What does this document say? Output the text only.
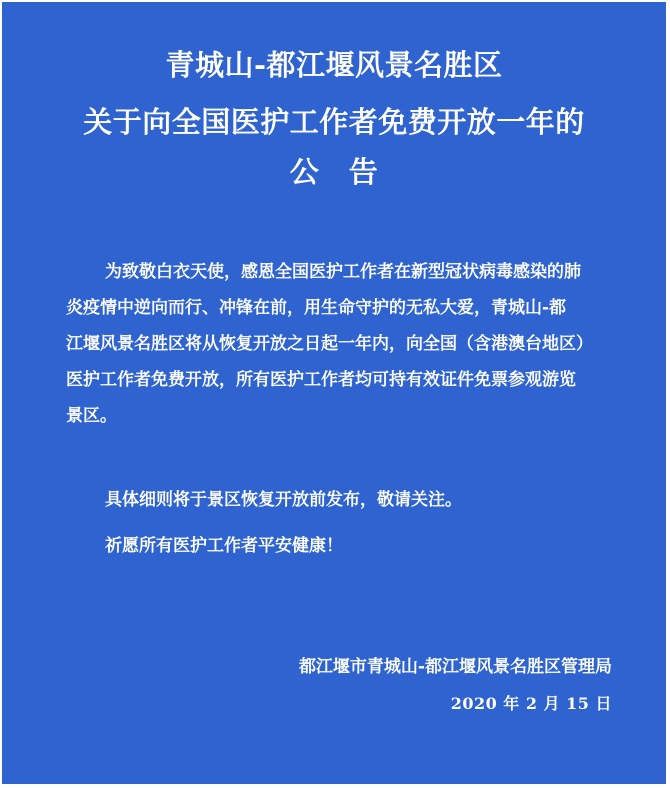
青城山-都江堰风景名胜区
关于向全国医护工作者免费开放一年的
公　告
为致敬白衣天使，感恩全国医护工作者在新型冠状病毒感染的肺
炎疫情中逆向而行、冲锋在前，用生命守护的无私大爱，青城山-都
江堰风景名胜区将从恢复开放之日起一年内，向全国（含港澳台地区）
医护工作者免费开放，所有医护工作者均可持有效证件免票参观游览
景区。
具体细则将于景区恢复开放前发布，敬请关注。
祈愿所有医护工作者平安健康！
都江堰市青城山-都江堰风景名胜区管理局
2020 年 2 月 15 日
